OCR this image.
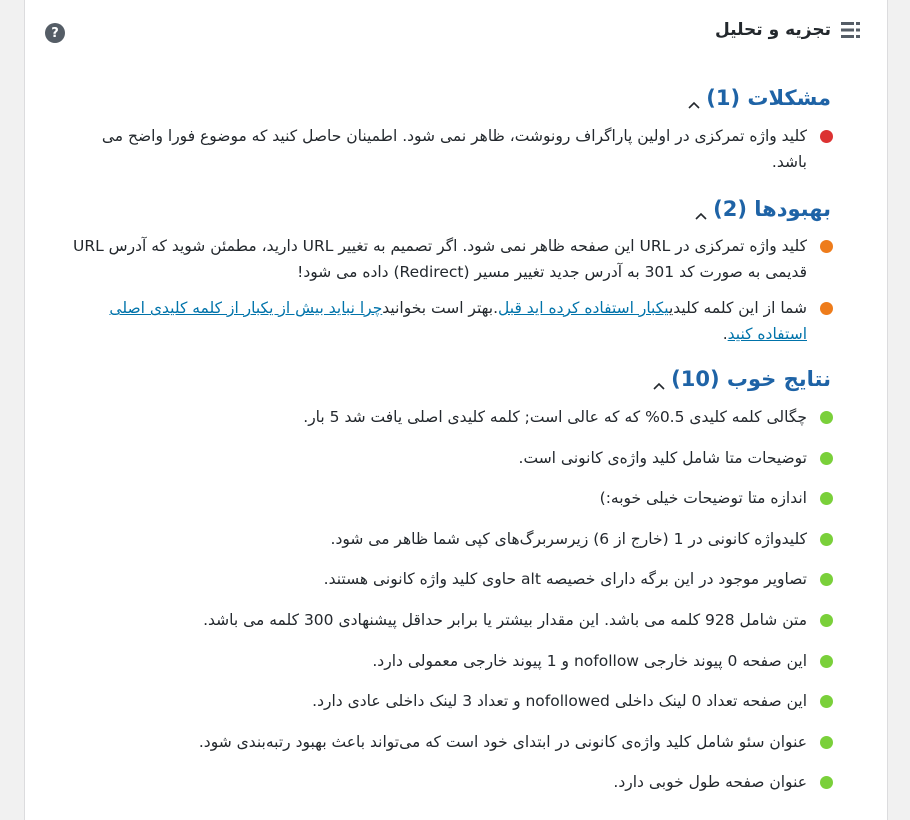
تجزیه و تحلیل
?
مشکلات (1)
کلید واژه تمرکزی در اولین پاراگراف رونوشت، ظاهر نمی شود. اطمینان حاصل کنید که موضوع فورا واضح می باشد.
بهبودها (2)
کلید واژه تمرکزی در URL این صفحه ظاهر نمی شود. اگر تصمیم به تغییر URL دارید، مطمئن شوید که آدرس URL قدیمی به صورت کد 301 به آدرس جدید تغییر مسیر (Redirect) داده می شود!
شما از این کلمه کلیدییکبار استفاده کرده اید قبل.بهتر است بخوانیدچرا نباید بیش از یکبار از کلمه کلیدی اصلی استفاده کنید.
نتایج خوب (10)
چگالی کلمه کلیدی 0.5% که که عالی است; کلمه کلیدی اصلی یافت شد 5 بار.
توضیحات متا شامل کلید واژه‌ی کانونی است.
اندازه متا توضیحات خیلی خوبه:)
کلیدواژه کانونی در 1 (خارج از 6) زیرسربرگ‌های کپی شما ظاهر می شود.
تصاویر موجود در این برگه دارای خصیصه alt حاوی کلید واژه کانونی هستند.
متن شامل 928 کلمه می باشد. این مقدار بیشتر یا برابر حداقل پیشنهادی 300 کلمه می باشد.
این صفحه 0 پیوند خارجی nofollow و 1 پیوند خارجی معمولی دارد.
این صفحه تعداد 0 لینک داخلی nofollowed و تعداد 3 لینک داخلی عادی دارد.
عنوان سئو شامل کلید واژه‌ی کانونی در ابتدای خود است که می‌تواند باعث بهبود رتبه‌بندی شود.
عنوان صفحه طول خوبی دارد.
